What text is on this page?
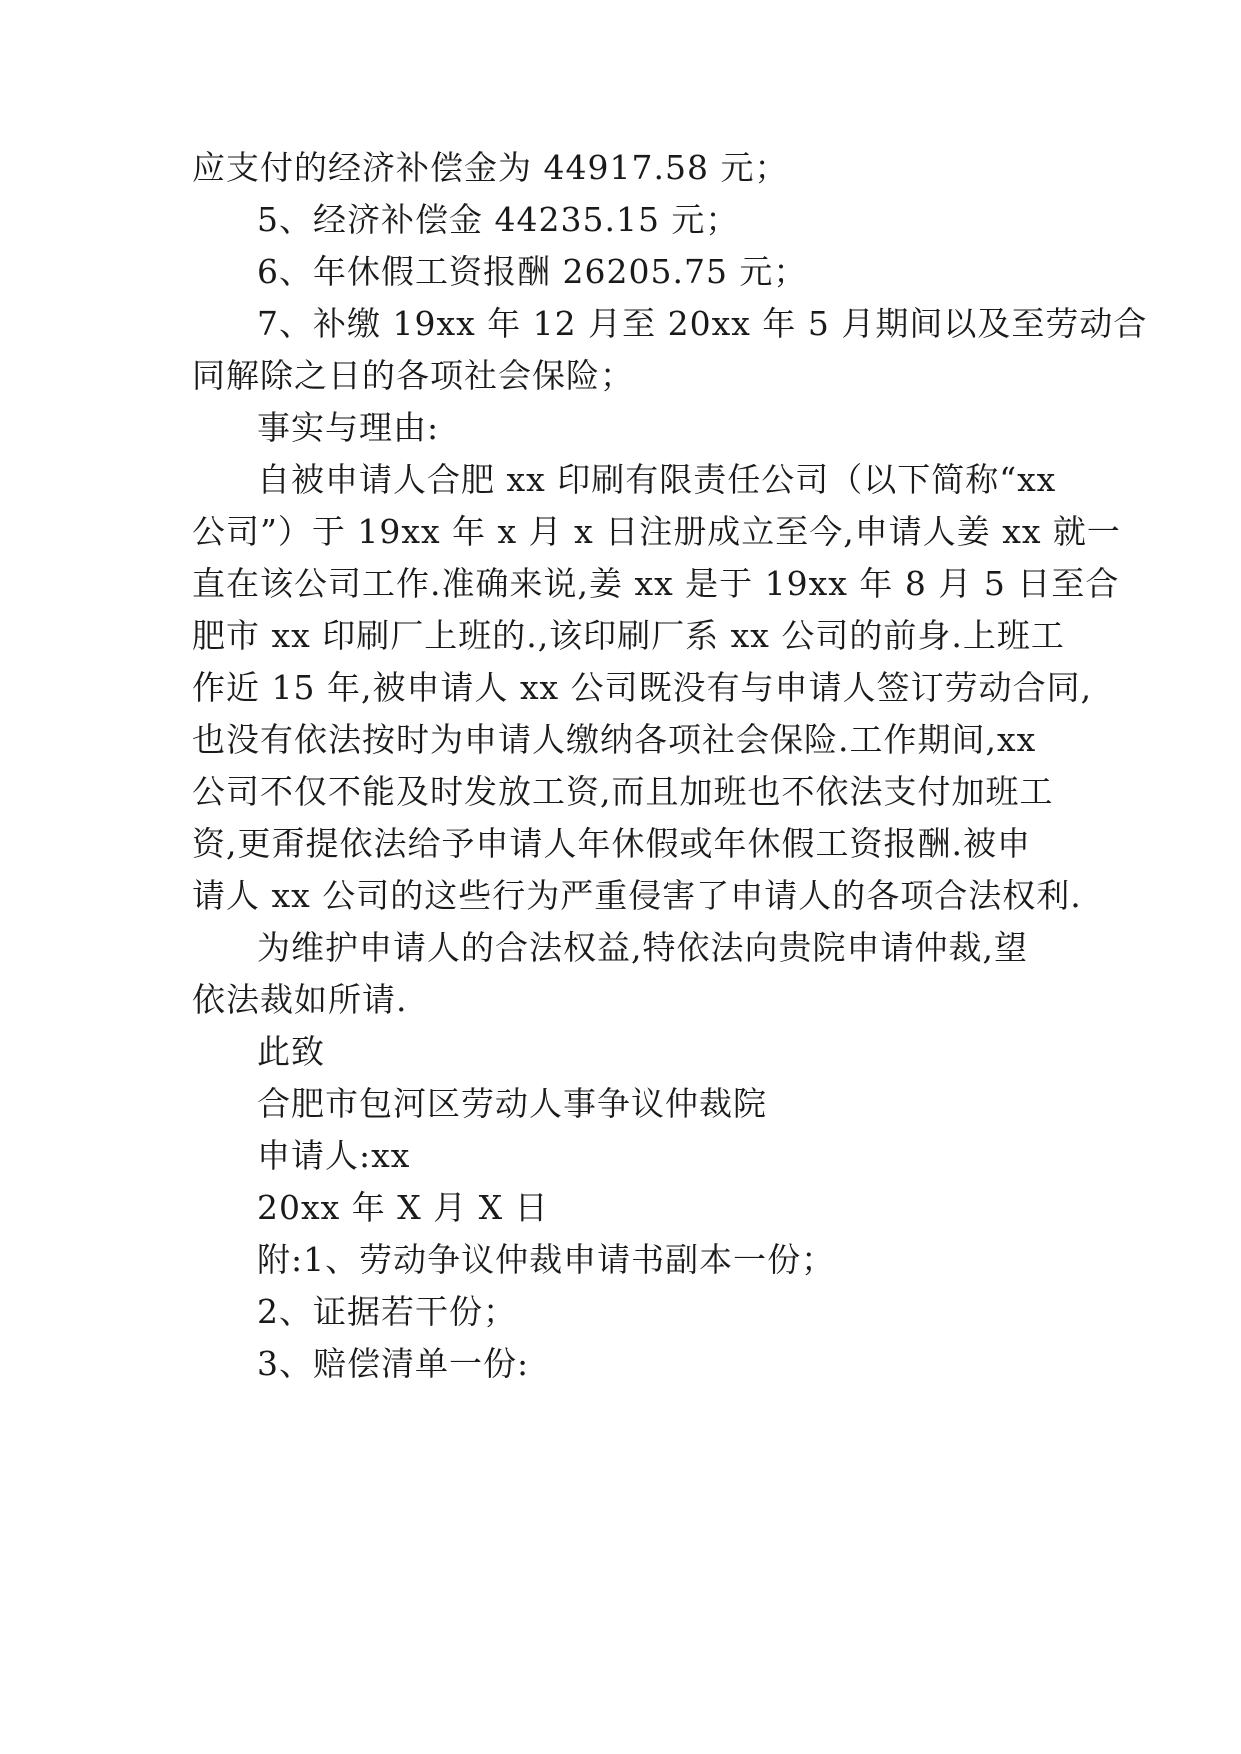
应支付的经济补偿金为 44917.58 元；
5、经济补偿金 44235.15 元；
6、年休假工资报酬 26205.75 元；
7、补缴 19xx 年 12 月至 20xx 年 5 月期间以及至劳动合
同解除之日的各项社会保险；
事实与理由:
自被申请人合肥 xx 印刷有限责任公司（以下简称“xx
公司”）于 19xx 年 x 月 x 日注册成立至今,申请人姜 xx 就一
直在该公司工作.准确来说,姜 xx 是于 19xx 年 8 月 5 日至合
肥市 xx 印刷厂上班的.,该印刷厂系 xx 公司的前身.上班工
作近 15 年,被申请人 xx 公司既没有与申请人签订劳动合同,
也没有依法按时为申请人缴纳各项社会保险.工作期间,xx
公司不仅不能及时发放工资,而且加班也不依法支付加班工
资,更甭提依法给予申请人年休假或年休假工资报酬.被申
请人 xx 公司的这些行为严重侵害了申请人的各项合法权利.
为维护申请人的合法权益,特依法向贵院申请仲裁,望
依法裁如所请.
此致
合肥市包河区劳动人事争议仲裁院
申请人:xx
20xx 年 X 月 X 日
附:1、劳动争议仲裁申请书副本一份；
2、证据若干份；
3、赔偿清单一份:
